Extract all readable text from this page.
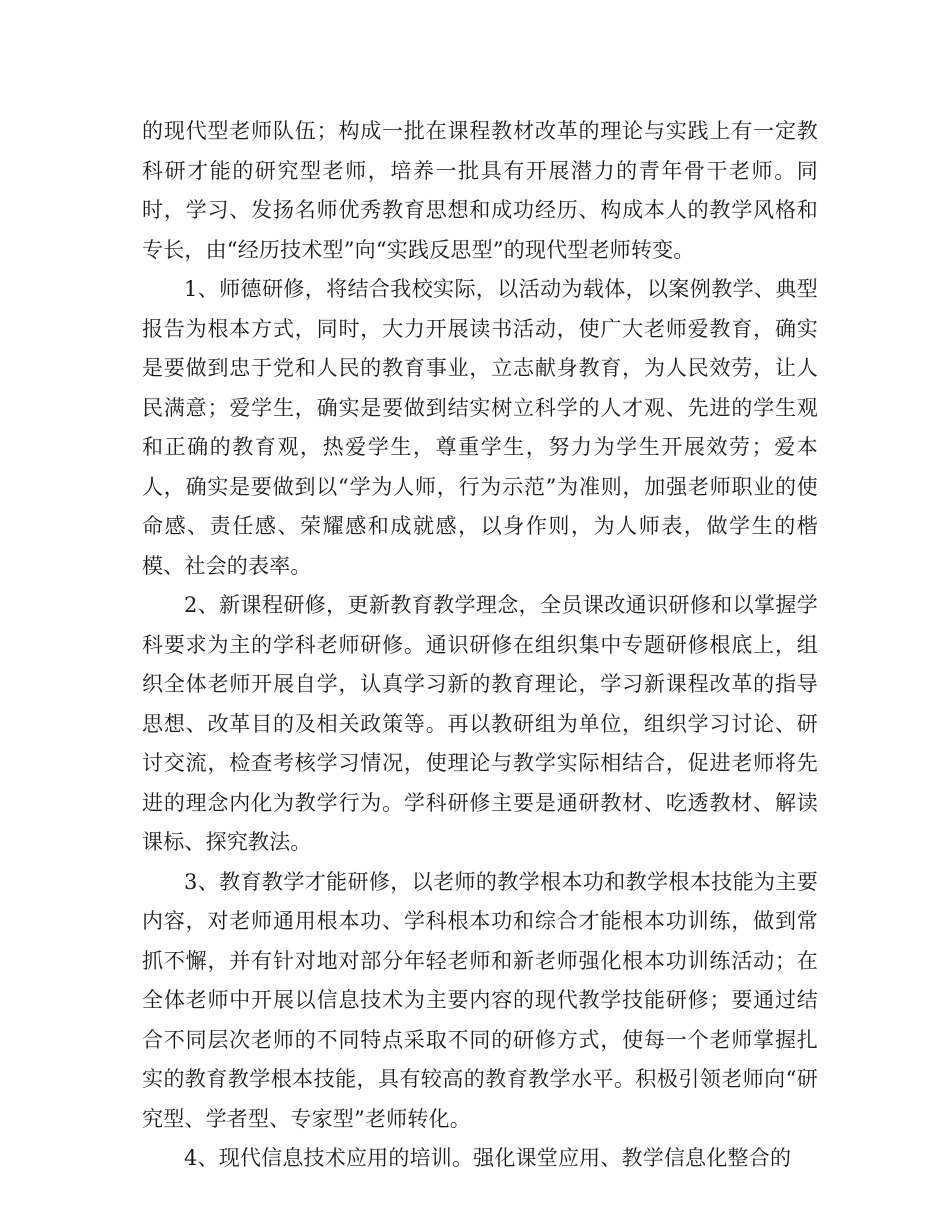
的现代型老师队伍；构成一批在课程教材改革的理论与实践上有一定教科研才能的研究型老师，培养一批具有开展潜力的青年骨干老师。同时，学习、发扬名师优秀教育思想和成功经历、构成本人的教学风格和专长，由“经历技术型”向“实践反思型”的现代型老师转变。

1、师德研修，将结合我校实际，以活动为载体，以案例教学、典型报告为根本方式，同时，大力开展读书活动，使广大老师爱教育，确实是要做到忠于党和人民的教育事业，立志献身教育，为人民效劳，让人民满意；爱学生，确实是要做到结实树立科学的人才观、先进的学生观和正确的教育观，热爱学生，尊重学生，努力为学生开展效劳；爱本人，确实是要做到以“学为人师，行为示范”为准则，加强老师职业的使命感、责任感、荣耀感和成就感，以身作则，为人师表，做学生的楷模、社会的表率。

2、新课程研修，更新教育教学理念，全员课改通识研修和以掌握学科要求为主的学科老师研修。通识研修在组织集中专题研修根底上，组织全体老师开展自学，认真学习新的教育理论，学习新课程改革的指导思想、改革目的及相关政策等。再以教研组为单位，组织学习讨论、研讨交流，检查考核学习情况，使理论与教学实际相结合，促进老师将先进的理念内化为教学行为。学科研修主要是通研教材、吃透教材、解读课标、探究教法。

3、教育教学才能研修，以老师的教学根本功和教学根本技能为主要内容，对老师通用根本功、学科根本功和综合才能根本功训练，做到常抓不懈，并有针对地对部分年轻老师和新老师强化根本功训练活动；在全体老师中开展以信息技术为主要内容的现代教学技能研修；要通过结合不同层次老师的不同特点采取不同的研修方式，使每一个老师掌握扎实的教育教学根本技能，具有较高的教育教学水平。积极引领老师向“研究型、学者型、专家型”老师转化。

4、现代信息技术应用的培训。强化课堂应用、教学信息化整合的
